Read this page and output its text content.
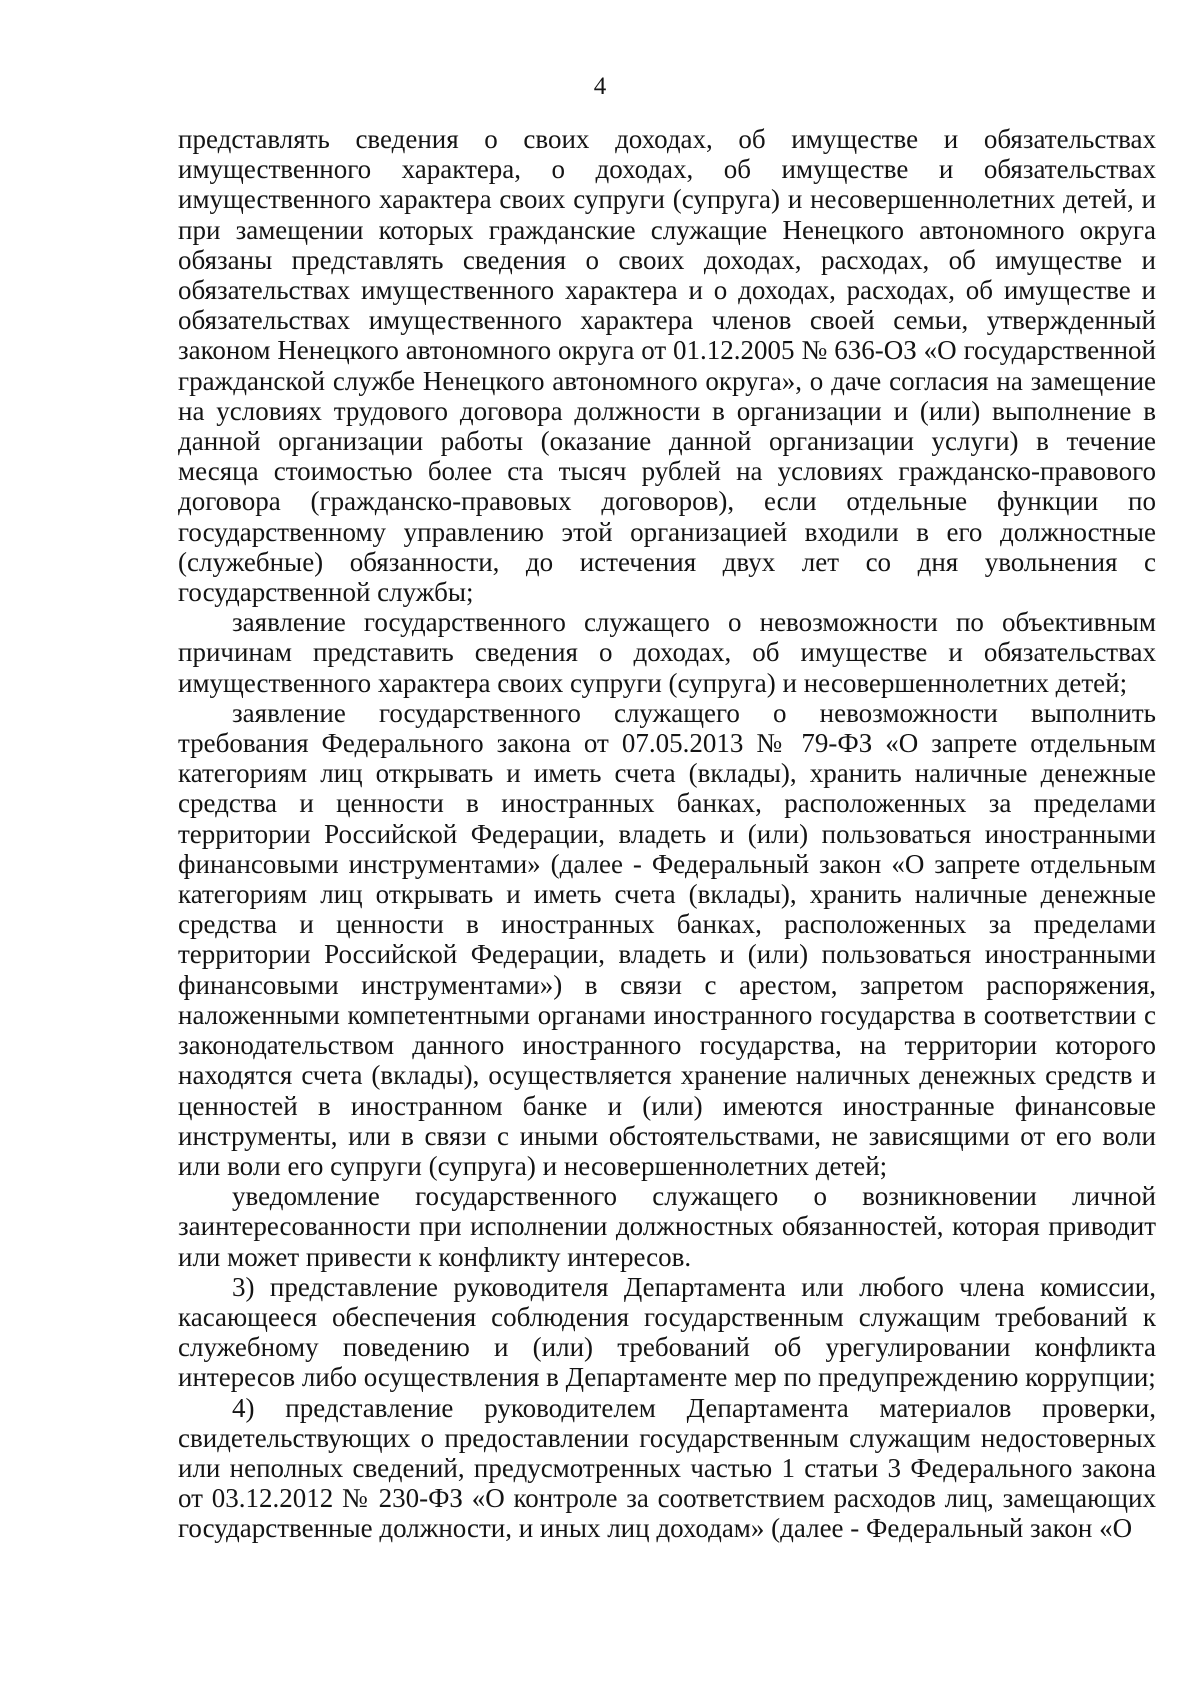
4

представлять сведения о своих доходах, об имуществе и обязательствах имущественного характера, о доходах, об имуществе и обязательствах имущественного характера своих супруги (супруга) и несовершеннолетних детей, и при замещении которых гражданские служащие Ненецкого автономного округа обязаны представлять сведения о своих доходах, расходах, об имуществе и обязательствах имущественного характера и о доходах, расходах, об имуществе и обязательствах имущественного характера членов своей семьи, утвержденный законом Ненецкого автономного округа от 01.12.2005 № 636-ОЗ «О государственной гражданской службе Ненецкого автономного округа», о даче согласия на замещение на условиях трудового договора должности в организации и (или) выполнение в данной организации работы (оказание данной организации услуги) в течение месяца стоимостью более ста тысяч рублей на условиях гражданско-правового договора (гражданско-правовых договоров), если отдельные функции по государственному управлению этой организацией входили в его должностные (служебные) обязанности, до истечения двух лет со дня увольнения с государственной службы;

заявление государственного служащего о невозможности по объективным причинам представить сведения о доходах, об имуществе и обязательствах имущественного характера своих супруги (супруга) и несовершеннолетних детей;

заявление государственного служащего о невозможности выполнить требования Федерального закона от 07.05.2013 № 79-ФЗ «О запрете отдельным категориям лиц открывать и иметь счета (вклады), хранить наличные денежные средства и ценности в иностранных банках, расположенных за пределами территории Российской Федерации, владеть и (или) пользоваться иностранными финансовыми инструментами» (далее - Федеральный закон «О запрете отдельным категориям лиц открывать и иметь счета (вклады), хранить наличные денежные средства и ценности в иностранных банках, расположенных за пределами территории Российской Федерации, владеть и (или) пользоваться иностранными финансовыми инструментами») в связи с арестом, запретом распоряжения, наложенными компетентными органами иностранного государства в соответствии с законодательством данного иностранного государства, на территории которого находятся счета (вклады), осуществляется хранение наличных денежных средств и ценностей в иностранном банке и (или) имеются иностранные финансовые инструменты, или в связи с иными обстоятельствами, не зависящими от его воли или воли его супруги (супруга) и несовершеннолетних детей;

уведомление государственного служащего о возникновении личной заинтересованности при исполнении должностных обязанностей, которая приводит или может привести к конфликту интересов.

3) представление руководителя Департамента или любого члена комиссии, касающееся обеспечения соблюдения государственным служащим требований к служебному поведению и (или) требований об урегулировании конфликта интересов либо осуществления в Департаменте мер по предупреждению коррупции;

4) представление руководителем Департамента материалов проверки, свидетельствующих о предоставлении государственным служащим недостоверных или неполных сведений, предусмотренных частью 1 статьи 3 Федерального закона от 03.12.2012 № 230-ФЗ «О контроле за соответствием расходов лиц, замещающих государственные должности, и иных лиц доходам» (далее - Федеральный закон «О
